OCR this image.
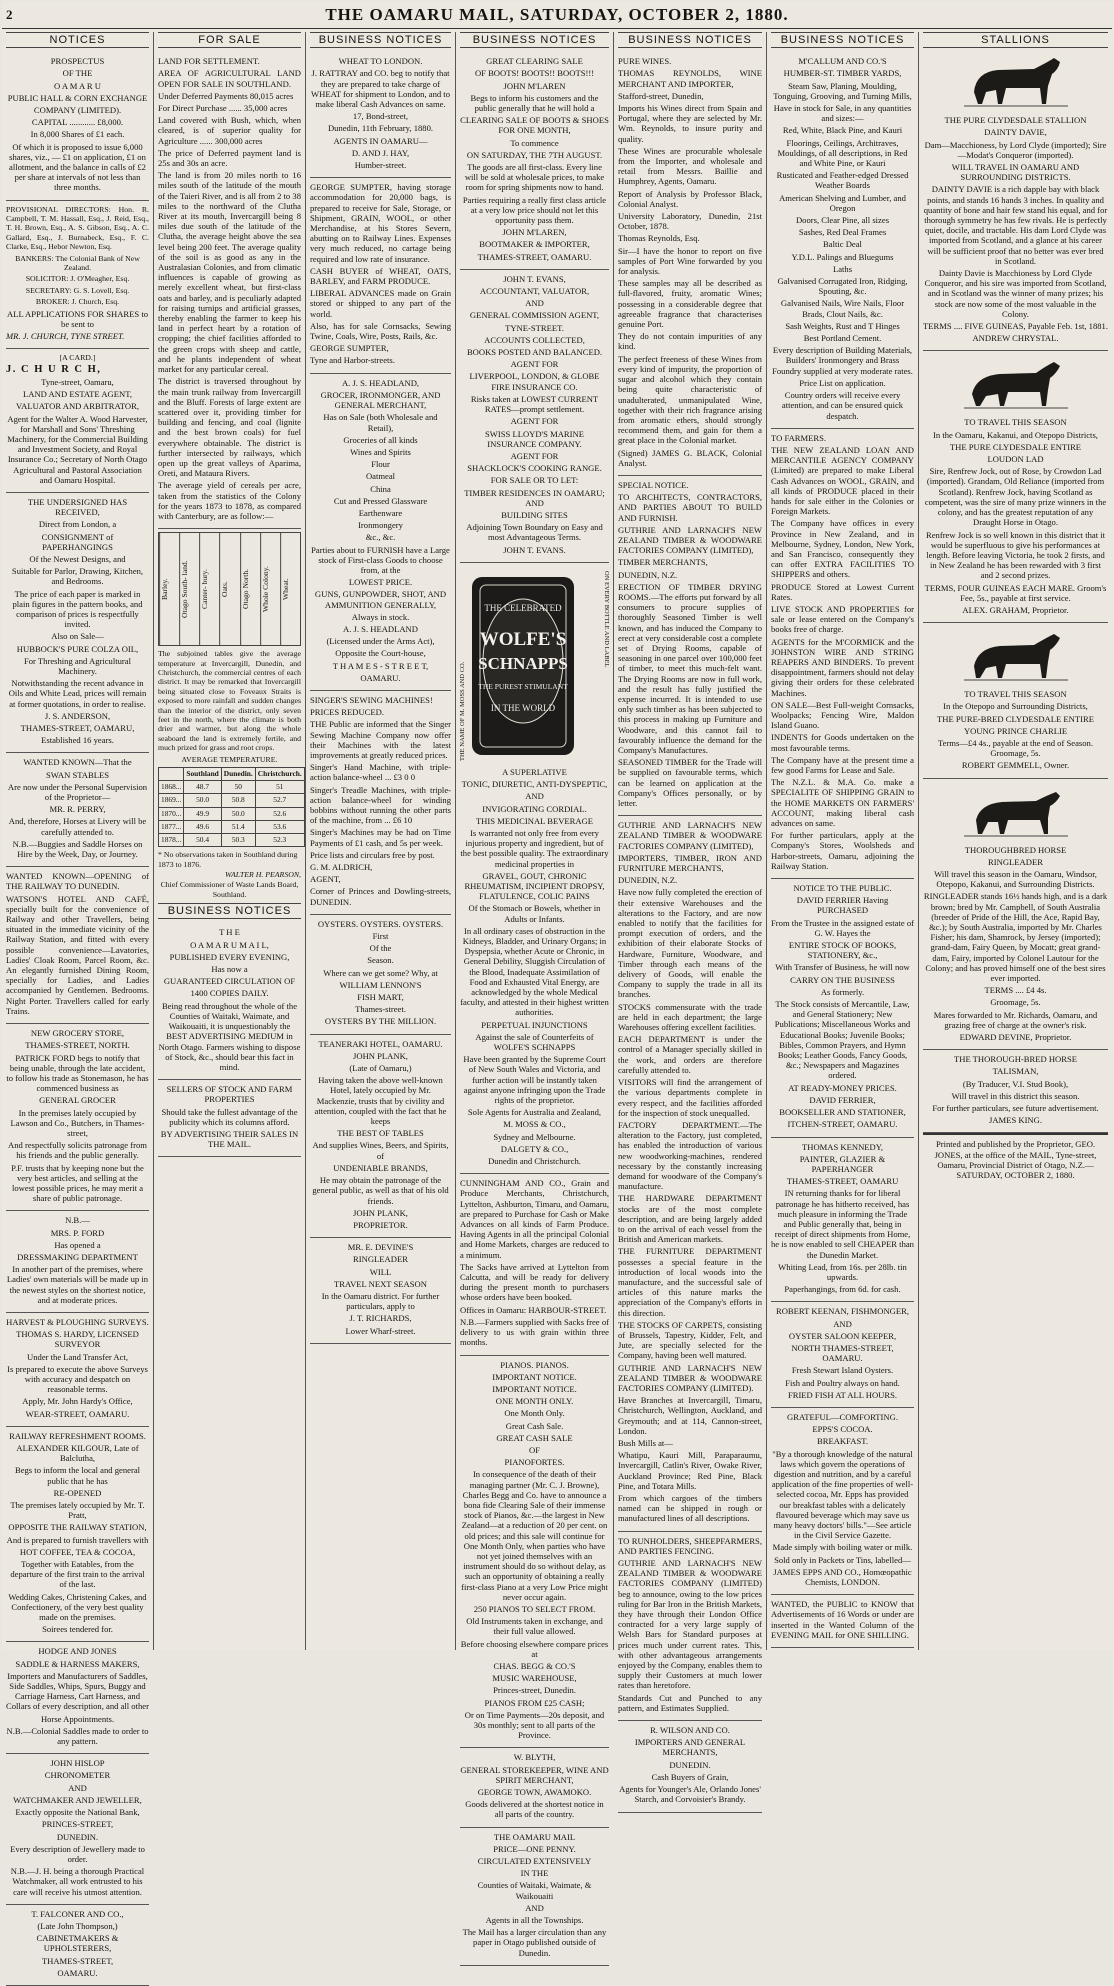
2	THE OAMARU MAIL, SATURDAY, OCTOBER 2, 1880.
NOTICES

PROSPECTUS

OF THE

O A M A R U

PUBLIC HALL & CORN EXCHANGE

COMPANY (LIMITED).

CAPITAL ............ £8,000.

In 8,000 Shares of £1 each.

Of which it is proposed to issue 6,000 shares, viz., — £1 on application, £1 on allotment, and the balance in calls of £2 per share at intervals of not less than three months.

PROVISIONAL DIRECTORS: Hon. R. Campbell, T. M. Hassall, Esq., J. Reid, Esq., T. H. Brown, Esq., A. S. Gibson, Esq., A. C. Gallard, Esq., J. Burnabeck, Esq., F. C. Clarke, Esq., Hebor Newton, Esq.

BANKERS: The Colonial Bank of New Zealand.

SOLICITOR: J. O'Meagher, Esq.

SECRETARY: G. S. Lovell, Esq.

BROKER: J. Church, Esq.

ALL APPLICATIONS FOR SHARES to be sent to

MR. J. CHURCH, TYNE STREET.

[A CARD.]

J. C H U R C H,

Tyne-street, Oamaru,

LAND AND ESTATE AGENT,

VALUATOR AND ARBITRATOR,

Agent for the Walter A. Wood Harvester, for Marshall and Sons' Threshing Machinery, for the Commercial Building and Investment Society, and Royal Insurance Co.; Secretary of North Otago Agricultural and Pastoral Association and Oamaru Hospital.

THE UNDERSIGNED HAS RECEIVED,

Direct from London, a

CONSIGNMENT of PAPERHANGINGS

Of the Newest Designs, and

Suitable for Parlor, Drawing, Kitchen, and Bedrooms.

The price of each paper is marked in plain figures in the pattern books, and comparison of prices is respectfully invited.

Also on Sale—

HUBBOCK'S PURE COLZA OIL,

For Threshing and Agricultural Machinery.

Notwithstanding the recent advance in Oils and White Lead, prices will remain at former quotations, in order to realise.

J. S. ANDERSON,

THAMES-STREET, OAMARU,

Established 16 years.

WANTED KNOWN—That the

SWAN STABLES

Are now under the Personal Supervision of the Proprietor—

MR. R. PERRY,

And, therefore, Horses at Livery will be carefully attended to.

N.B.—Buggies and Saddle Horses on Hire by the Week, Day, or Journey.

WANTED KNOWN—OPENING of THE RAILWAY TO DUNEDIN.

WATSON'S HOTEL AND CAFÉ, specially built for the convenience of Railway and other Travellers, being situated in the immediate vicinity of the Railway Station, and fitted with every possible convenience—Lavatories, Ladies' Cloak Room, Parcel Room, &c. An elegantly furnished Dining Room, specially for Ladies, and Ladies accompanied by Gentlemen. Bedrooms. Night Porter. Travellers called for early Trains.

NEW GROCERY STORE,

THAMES-STREET, NORTH.

PATRICK FORD begs to notify that being unable, through the late accident, to follow his trade as Stonemason, he has commenced business as

GENERAL GROCER

In the premises lately occupied by Lawson and Co., Butchers, in Thames-street,

And respectfully solicits patronage from his friends and the public generally.

P.F. trusts that by keeping none but the very best articles, and selling at the lowest possible prices, he may merit a share of public patronage.

N.B.—

MRS. P. FORD

Has opened a

DRESSMAKING DEPARTMENT

In another part of the premises, where Ladies' own materials will be made up in the newest styles on the shortest notice, and at moderate prices.

HARVEST & PLOUGHING SURVEYS.

THOMAS S. HARDY, LICENSED SURVEYOR

Under the Land Transfer Act,

Is prepared to execute the above Surveys with accuracy and despatch on reasonable terms.

Apply, Mr. John Hardy's Office,

WEAR-STREET, OAMARU.

RAILWAY REFRESHMENT ROOMS.

ALEXANDER KILGOUR, Late of Balclutha,

Begs to inform the local and general public that he has

RE-OPENED

The premises lately occupied by Mr. T. Pratt,

OPPOSITE THE RAILWAY STATION,

And is prepared to furnish travellers with

HOT COFFEE, TEA & COCOA,

Together with Eatables, from the departure of the first train to the arrival of the last.

Wedding Cakes, Christening Cakes, and Confectionery, of the very best quality made on the premises.

Soirees tendered for.

HODGE AND JONES

SADDLE & HARNESS MAKERS,

Importers and Manufacturers of Saddles, Side Saddles, Whips, Spurs, Buggy and Carriage Harness, Cart Harness, and Collars of every description, and all other

Horse Appointments.

N.B.—Colonial Saddles made to order to any pattern.

JOHN HISLOP

CHRONOMETER

AND

WATCHMAKER AND JEWELLER,

Exactly opposite the National Bank,

PRINCES-STREET,

DUNEDIN.

Every description of Jewellery made to order.

N.B.—J. H. being a thorough Practical Watchmaker, all work entrusted to his care will receive his utmost attention.

T. FALCONER AND CO.,

(Late John Thompson,)

CABINETMAKERS & UPHOLSTERERS,

THAMES-STREET,

OAMARU.

FOR SALE

LAND FOR SETTLEMENT.

AREA OF AGRICULTURAL LAND OPEN FOR SALE IN SOUTHLAND.

Under Deferred Payments 80,015 acres

For Direct Purchase ...... 35,000 acres

Land covered with Bush, which, when cleared, is of superior quality for Agriculture ...... 300,000 acres

The price of Deferred payment land is 25s and 30s an acre.

The land is from 20 miles north to 16 miles south of the latitude of the mouth of the Taieri River, and is all from 2 to 38 miles to the northward of the Clutha River at its mouth, Invercargill being 8 miles due south of the latitude of the Clutha, the average height above the sea level being 200 feet. The average quality of the soil is as good as any in the Australasian Colonies, and from climatic influences is capable of growing as merely excellent wheat, but first-class oats and barley, and is peculiarly adapted for raising turnips and artificial grasses, thereby enabling the farmer to keep his land in perfect heart by a rotation of cropping; the chief facilities afforded to the green crops with sheep and cattle, and he plants independent of wheat market for any particular cereal.

The district is traversed throughout by the main trunk railway from Invercargill and the Bluff. Forests of large extent are scattered over it, providing timber for building and fencing, and coal (lignite and the best brown coals) for fuel everywhere obtainable. The district is further intersected by railways, which open up the great valleys of Aparima, Oreti, and Mataura Rivers.

The average yield of cereals per acre, taken from the statistics of the Colony for the years 1873 to 1878, as compared with Canterbury, are as follow:—

Barley.	Otago South- land.	Canter- bury.	Oats.	Otago North.	Whole Colony.	Wheat.

The subjoined tables give the average temperature at Invercargill, Dunedin, and Christchurch, the commercial centres of each district. It may be remarked that Invercargill being situated close to Foveaux Straits is exposed to more rainfall and sudden changes than the interior of the district, only seven feet in the north, where the climate is both drier and warmer, but along the whole seaboard the land is extremely fertile, and much prized for grass and root crops.

AVERAGE TEMPERATURE.

	Southland	Dunedin.	Christchurch.
1868...	48.7	50	51
1869...	50.0	50.8	52.7
1870...	49.9	50.0	52.6
1877...	49.6	51.4	53.6
1878...	50.4	50.3	52.3

* No observations taken in Southland during 1873 to 1876.

WALTER H. PEARSON,

Chief Commissioner of Waste Lands Board, Southland.

BUSINESS NOTICES

T H E

O A M A R U M A I L,

PUBLISHED EVERY EVENING,

Has now a

GUARANTEED CIRCULATION OF

1400 COPIES DAILY.

Being read throughout the whole of the Counties of Waitaki, Waimate, and Waikouaiti, it is unquestionably the BEST ADVERTISING MEDIUM in North Otago. Farmers wishing to dispose of Stock, &c., should bear this fact in mind.

SELLERS OF STOCK AND FARM PROPERTIES

Should take the fullest advantage of the publicity which its columns afford.

BY ADVERTISING THEIR SALES IN THE MAIL.

BUSINESS NOTICES

WHEAT TO LONDON.

J. RATTRAY and CO. beg to notify that they are prepared to take charge of WHEAT for shipment to London, and to make liberal Cash Advances on same.

17, Bond-street,

Dunedin, 11th February, 1880.

AGENTS IN OAMARU—

D. AND J. HAY,

Humber-street.

GEORGE SUMPTER, having storage accommodation for 20,000 bags, is prepared to receive for Sale, Storage, or Shipment, GRAIN, WOOL, or other Merchandise, at his Stores Severn, abutting on to Railway Lines. Expenses very much reduced, no cartage being required and low rate of insurance.

CASH BUYER of WHEAT, OATS, BARLEY, and FARM PRODUCE.

LIBERAL ADVANCES made on Grain stored or shipped to any part of the world.

Also, has for sale Cornsacks, Sewing Twine, Coals, Wire, Posts, Rails, &c.

GEORGE SUMPTER,

Tyne and Harbor-streets.

A. J. S. HEADLAND,

GROCER, IRONMONGER, AND GENERAL MERCHANT,

Has on Sale (both Wholesale and Retail),

Groceries of all kinds

Wines and Spirits

Flour

Oatmeal

China

Cut and Pressed Glassware

Earthenware

Ironmongery

&c., &c.

Parties about to FURNISH have a Large stock of First-class Goods to choose from, at the

LOWEST PRICE.

GUNS, GUNPOWDER, SHOT, AND AMMUNITION GENERALLY,

Always in stock.

A. J. S. HEADLAND

(Licensed under the Arms Act),

Opposite the Court-house,

T H A M E S - S T R E E T,

OAMARU.

SINGER'S SEWING MACHINES!

PRICES REDUCED.

THE Public are informed that the Singer Sewing Machine Company now offer their Machines with the latest improvements at greatly reduced prices.

Singer's Hand Machine, with triple-action balance-wheel ... £3 0 0

Singer's Treadle Machines, with triple-action balance-wheel for winding bobbins without running the other parts of the machine, from ... £6 10

Singer's Machines may be had on Time Payments of £1 cash, and 5s per week.

Price lists and circulars free by post.

G. M. ALDRICH,

AGENT,

Corner of Princes and Dowling-streets, DUNEDIN.

OYSTERS. OYSTERS. OYSTERS.

First

Of the

Season.

Where can we get some? Why, at

WILLIAM LENNON'S

FISH MART,

Thames-street.

OYSTERS BY THE MILLION.

TEANERAKI HOTEL, OAMARU.

JOHN PLANK,

(Late of Oamaru,)

Having taken the above well-known Hotel, lately occupied by Mr. Mackenzie, trusts that by civility and attention, coupled with the fact that he keeps

THE BEST OF TABLES

And supplies Wines, Beers, and Spirits, of

UNDENIABLE BRANDS,

He may obtain the patronage of the general public, as well as that of his old friends.

JOHN PLANK,

PROPRIETOR.

MR. E. DEVINE'S

RINGLEADER

WILL

TRAVEL NEXT SEASON

In the Oamaru district. For further particulars, apply to

J. T. RICHARDS,

Lower Wharf-street.

BUSINESS NOTICES

GREAT CLEARING SALE

OF BOOTS! BOOTS!! BOOTS!!!

JOHN M'LAREN

Begs to inform his customers and the public generally that he will hold a

CLEARING SALE OF BOOTS & SHOES FOR ONE MONTH,

To commence

ON SATURDAY, THE 7TH AUGUST.

The goods are all first-class. Every line will be sold at wholesale prices, to make room for spring shipments now to hand.

Parties requiring a really first class article at a very low price should not let this opportunity pass them.

JOHN M'LAREN,

BOOTMAKER & IMPORTER,

THAMES-STREET, OAMARU.

JOHN T. EVANS,

ACCOUNTANT, VALUATOR,

AND

GENERAL COMMISSION AGENT,

TYNE-STREET.

ACCOUNTS COLLECTED,

BOOKS POSTED AND BALANCED.

AGENT FOR

LIVERPOOL, LONDON, & GLOBE FIRE INSURANCE CO.

Risks taken at LOWEST CURRENT RATES—prompt settlement.

AGENT FOR

SWISS LLOYD'S MARINE INSURANCE COMPANY.

AGENT FOR

SHACKLOCK'S COOKING RANGE.

FOR SALE OR TO LET:

TIMBER RESIDENCES IN OAMARU; AND

BUILDING SITES

Adjoining Town Boundary on Easy and most Advantageous Terms.

JOHN T. EVANS.

THE CELEBRATED
WOLFE'S
SCHNAPPS
THE PUREST STIMULANT
IN THE WORLD
THE NAME OF M. MOSS AND CO.
ON EVERY BOTTLE AND LABEL

A SUPERLATIVE

TONIC, DIURETIC, ANTI-DYSPEPTIC,

AND

INVIGORATING CORDIAL.

THIS MEDICINAL BEVERAGE

Is warranted not only free from every injurious property and ingredient, but of the best possible quality. The extraordinary medicinal properties in

GRAVEL, GOUT, CHRONIC RHEUMATISM, INCIPIENT DROPSY, FLATULENCE, COLIC PAINS

Of the Stomach or Bowels, whether in Adults or Infants.

In all ordinary cases of obstruction in the Kidneys, Bladder, and Urinary Organs; in Dyspepsia, whether Acute or Chronic, in General Debility, Sluggish Circulation of the Blood, Inadequate Assimilation of Food and Exhausted Vital Energy, are acknowledged by the whole Medical faculty, and attested in their highest written authorities.

PERPETUAL INJUNCTIONS

Against the sale of Counterfeits of WOLFE'S SCHNAPPS

Have been granted by the Supreme Court of New South Wales and Victoria, and further action will be instantly taken against anyone infringing upon the Trade rights of the proprietor.

Sole Agents for Australia and Zealand,

M. MOSS & CO.,

Sydney and Melbourne.

DALGETY & CO.,

Dunedin and Christchurch.

CUNNINGHAM AND CO., Grain and Produce Merchants, Christchurch, Lyttelton, Ashburton, Timaru, and Oamaru, are prepared to Purchase for Cash or Make Advances on all kinds of Farm Produce. Having Agents in all the principal Colonial and Home Markets, charges are reduced to a minimum.

The Sacks have arrived at Lyttelton from Calcutta, and will be ready for delivery during the present month to purchasers whose orders have been booked.

Offices in Oamaru: HARBOUR-STREET.

N.B.—Farmers supplied with Sacks free of delivery to us with grain within three months.

PIANOS. PIANOS.

IMPORTANT NOTICE.

IMPORTANT NOTICE.

ONE MONTH ONLY.

One Month Only.

Great Cash Sale.

GREAT CASH SALE

OF

PIANOFORTES.

In consequence of the death of their managing partner (Mr. C. J. Browne), Charles Begg and Co. have to announce a bona fide Clearing Sale of their immense stock of Pianos, &c.—the largest in New Zealand—at a reduction of 20 per cent. on old prices; and this sale will continue for One Month Only, when parties who have not yet joined themselves with an instrument should do so without delay, as such an opportunity of obtaining a really first-class Piano at a very Low Price might never occur again.

250 PIANOS TO SELECT FROM.

Old Instruments taken in exchange, and their full value allowed.

Before choosing elsewhere compare prices at

CHAS. BEGG & CO.'S

MUSIC WAREHOUSE,

Princes-street, Dunedin.

PIANOS FROM £25 CASH;

Or on Time Payments—20s deposit, and 30s monthly; sent to all parts of the Province.

W. BLYTH,

GENERAL STOREKEEPER, WINE AND SPIRIT MERCHANT,

GEORGE TOWN, AWAMOKO.

Goods delivered at the shortest notice in all parts of the country.

THE OAMARU MAIL

PRICE—ONE PENNY.

CIRCULATED EXTENSIVELY

IN THE

Counties of Waitaki, Waimate, & Waikouaiti

AND

Agents in all the Townships.

The Mail has a larger circulation than any paper in Otago published outside of Dunedin.

BUSINESS NOTICES

PURE WINES.

THOMAS REYNOLDS, WINE MERCHANT AND IMPORTER,

Stafford-street, Dunedin,

Imports his Wines direct from Spain and Portugal, where they are selected by Mr. Wm. Reynolds, to insure purity and quality.

These Wines are procurable wholesale from the Importer, and wholesale and retail from Messrs. Baillie and Humphrey, Agents, Oamaru.

Report of Analysis by Professor Black, Colonial Analyst.

University Laboratory, Dunedin, 21st October, 1878.

Thomas Reynolds, Esq.

Sir—I have the honor to report on five samples of Port Wine forwarded by you for analysis.

These samples may all be described as full-flavored, fruity, aromatic Wines; possessing in a considerable degree that agreeable fragrance that characterises genuine Port.

They do not contain impurities of any kind.

The perfect freeness of these Wines from every kind of impurity, the proportion of sugar and alcohol which they contain being quite characteristic of unadulterated, unmanipulated Wine, together with their rich fragrance arising from aromatic ethers, should strongly recommend them, and gain for them a great place in the Colonial market.

(Signed) JAMES G. BLACK, Colonial Analyst.

SPECIAL NOTICE.

TO ARCHITECTS, CONTRACTORS, AND PARTIES ABOUT TO BUILD AND FURNISH.

GUTHRIE AND LARNACH'S NEW ZEALAND TIMBER & WOODWARE FACTORIES COMPANY (LIMITED),

TIMBER MERCHANTS,

DUNEDIN, N.Z.

ERECTION OF TIMBER DRYING ROOMS.—The efforts put forward by all consumers to procure supplies of thoroughly Seasoned Timber is well known, and has induced the Company to erect at very considerable cost a complete set of Drying Rooms, capable of seasoning in one parcel over 100,000 feet of timber, to meet this much-felt want. The Drying Rooms are now in full work, and the result has fully justified the expense incurred. It is intended to use only such timber as has been subjected to this process in making up Furniture and Woodware, and this cannot fail to favourably influence the demand for the Company's Manufactures.

SEASONED TIMBER for the Trade will be supplied on favourable terms, which can be learned on application at the Company's Offices personally, or by letter.

GUTHRIE AND LARNACH'S NEW ZEALAND TIMBER & WOODWARE FACTORIES COMPANY (LIMITED),

IMPORTERS, TIMBER, IRON AND FURNITURE MERCHANTS,

DUNEDIN, N.Z.

Have now fully completed the erection of their extensive Warehouses and the alterations to the Factory, and are now enabled to notify that the facilities for prompt execution of orders, and the exhibition of their elaborate Stocks of Hardware, Furniture, Woodware, and Timber through each means of the delivery of Goods, will enable the Company to supply the trade in all its branches.

STOCKS commensurate with the trade are held in each department; the large Warehouses offering excellent facilities.

EACH DEPARTMENT is under the control of a Manager specially skilled in the work, and orders are therefore carefully attended to.

VISITORS will find the arrangement of the various departments complete in every respect, and the facilities afforded for the inspection of stock unequalled.

FACTORY DEPARTMENT.—The alteration to the Factory, just completed, has enabled the introduction of various new woodworking-machines, rendered necessary by the constantly increasing demand for woodware of the Company's manufacture.

THE HARDWARE DEPARTMENT stocks are of the most complete description, and are being largely added to on the arrival of each vessel from the British and American markets.

THE FURNITURE DEPARTMENT possesses a special feature in the introduction of local woods into the manufacture, and the successful sale of articles of this nature marks the appreciation of the Company's efforts in this direction.

THE STOCKS OF CARPETS, consisting of Brussels, Tapestry, Kidder, Felt, and Jute, are specially selected for the Company, having been well matured.

GUTHRIE AND LARNACH'S NEW ZEALAND TIMBER & WOODWARE FACTORIES COMPANY (LIMITED).

Have Branches at Invercargill, Timaru, Christchurch, Wellington, Auckland, and Greymouth; and at 114, Cannon-street, London.

Bush Mills at—

Whatipu, Kauri Mill, Paraparaumu, Invercargill, Catlin's River, Owake River, Auckland Province; Red Pine, Black Pine, and Totara Mills.

From which cargoes of the timbers named can be shipped in rough or manufactured lines of all descriptions.

TO RUNHOLDERS, SHEEPFARMERS, AND PARTIES FENCING.

GUTHRIE AND LARNACH'S NEW ZEALAND TIMBER & WOODWARE FACTORIES COMPANY (LIMITED) beg to announce, owing to the low prices ruling for Bar Iron in the British Markets, they have through their London Office contracted for a very large supply of Welsh Bars for Standard purposes at prices much under current rates. This, with other advantageous arrangements enjoyed by the Company, enables them to supply their Customers at much lower rates than heretofore.

Standards Cut and Punched to any pattern, and Estimates Supplied.

R. WILSON AND CO.

IMPORTERS AND GENERAL MERCHANTS,

DUNEDIN.

Cash Buyers of Grain,

Agents for Younger's Ale, Orlando Jones' Starch, and Corvoisier's Brandy.

BUSINESS NOTICES

M'CALLUM AND CO.'S

HUMBER-ST. TIMBER YARDS,

Steam Saw, Planing, Moulding, Tonguing, Grooving, and Turning Mills,

Have in stock for Sale, in any quantities and sizes:—

Red, White, Black Pine, and Kauri

Floorings, Ceilings, Architraves, Mouldings, of all descriptions, in Red and White Pine, or Kauri

Rusticated and Feather-edged Dressed Weather Boards

American Shelving and Lumber, and Oregon

Doors, Clear Pine, all sizes

Sashes, Red Deal Frames

Baltic Deal

Y.D.L. Palings and Bluegums

Laths

Galvanised Corrugated Iron, Ridging, Spouting, &c.

Galvanised Nails, Wire Nails, Floor Brads, Clout Nails, &c.

Sash Weights, Rust and T Hinges

Best Portland Cement.

Every description of Building Materials, Builders' Ironmongery and Brass Foundry supplied at very moderate rates.

Price List on application.

Country orders will receive every attention, and can be ensured quick despatch.

TO FARMERS.

THE NEW ZEALAND LOAN AND MERCANTILE AGENCY COMPANY (Limited) are prepared to make Liberal Cash Advances on WOOL, GRAIN, and all kinds of PRODUCE placed in their hands for sale either in the Colonies or Foreign Markets.

The Company have offices in every Province in New Zealand, and in Melbourne, Sydney, London, New York, and San Francisco, consequently they can offer EXTRA FACILITIES TO SHIPPERS and others.

PRODUCE Stored at Lowest Current Rates.

LIVE STOCK AND PROPERTIES for sale or lease entered on the Company's books free of charge.

AGENTS for the M'CORMICK and the JOHNSTON WIRE AND STRING REAPERS AND BINDERS. To prevent disappointment, farmers should not delay giving their orders for these celebrated Machines.

ON SALE—Best Full-weight Cornsacks, Woolpacks; Fencing Wire, Maldon Island Guano.

INDENTS for Goods undertaken on the most favourable terms.

The Company have at the present time a few good Farms for Lease and Sale.

The N.Z.L. & M.A. Co. make a SPECIALITE OF SHIPPING GRAIN to the HOME MARKETS ON FARMERS' ACCOUNT, making liberal cash advances on same.

For further particulars, apply at the Company's Stores, Woolsheds and Harbor-streets, Oamaru, adjoining the Railway Station.

NOTICE TO THE PUBLIC.

DAVID FERRIER Having PURCHASED

From the Trustee in the assigned estate of G. W. Hayes the

ENTIRE STOCK OF BOOKS, STATIONERY, &c.,

With Transfer of Business, he will now

CARRY ON THE BUSINESS

As formerly.

The Stock consists of Mercantile, Law, and General Stationery; New Publications; Miscellaneous Works and Educational Books; Juvenile Books; Bibles, Common Prayers, and Hymn Books; Leather Goods, Fancy Goods, &c.; Newspapers and Magazines ordered.

AT READY-MONEY PRICES.

DAVID FERRIER,

BOOKSELLER AND STATIONER,

ITCHEN-STREET, OAMARU.

THOMAS KENNEDY,

PAINTER, GLAZIER & PAPERHANGER

THAMES-STREET, OAMARU

IN returning thanks for for liberal patronage he has hitherto received, has much pleasure in informing the Trade and Public generally that, being in receipt of direct shipments from Home, he is now enabled to sell CHEAPER than the Dunedin Market.

Whiting Lead, from 16s. per 28lb. tin upwards.

Paperhangings, from 6d. for cash.

ROBERT KEENAN, FISHMONGER,

AND

OYSTER SALOON KEEPER,

NORTH THAMES-STREET, OAMARU.

Fresh Stewart Island Oysters.

Fish and Poultry always on hand.

FRIED FISH AT ALL HOURS.

GRATEFUL—COMFORTING.

EPPS'S COCOA.

BREAKFAST.

"By a thorough knowledge of the natural laws which govern the operations of digestion and nutrition, and by a careful application of the fine properties of well-selected cocoa, Mr. Epps has provided our breakfast tables with a delicately flavoured beverage which may save us many heavy doctors' bills."—See article in the Civil Service Gazette.

Made simply with boiling water or milk.

Sold only in Packets or Tins, labelled—

JAMES EPPS AND CO., Homœopathic Chemists, LONDON.

WANTED, the PUBLIC to KNOW that Advertisements of 16 Words or under are inserted in the Wanted Column of the EVENING MAIL for ONE SHILLING.

STALLIONS

THE PURE CLYDESDALE STALLION

DAINTY DAVIE,

Dam—Macchioness, by Lord Clyde (imported); Sire—Modat's Conqueror (imported).

WILL TRAVEL IN OAMARU AND SURROUNDING DISTRICTS.

DAINTY DAVIE is a rich dapple bay with black points, and stands 16 hands 3 inches. In quality and quantity of bone and hair few stand his equal, and for thorough symmetry he has few rivals. He is perfectly quiet, docile, and tractable. His dam Lord Clyde was imported from Scotland, and a glance at his career will be sufficient proof that no better was ever bred in Scotland.

Dainty Davie is Macchioness by Lord Clyde Conqueror, and his sire was imported from Scotland, and in Scotland was the winner of many prizes; his stock are now some of the most valuable in the Colony.

TERMS .... FIVE GUINEAS, Payable Feb. 1st, 1881.

ANDREW CHRYSTAL.

TO TRAVEL THIS SEASON

In the Oamaru, Kakanui, and Otepopo Districts,

THE PURE CLYDESDALE ENTIRE

LOUDON LAD

Sire, Renfrew Jock, out of Rose, by Crowdon Lad (imported). Grandam, Old Reliance (imported from Scotland). Renfrew Jock, having Scotland as competent, was the sire of many prize winners in the colony, and has the greatest reputation of any Draught Horse in Otago.

Renfrew Jock is so well known in this district that it would be superfluous to give his performances at length. Before leaving Victoria, he took 2 firsts, and in New Zealand he has been rewarded with 3 first and 2 second prizes.

TERMS, FOUR GUINEAS EACH MARE. Groom's Fee, 5s., payable at first service.

ALEX. GRAHAM, Proprietor.

TO TRAVEL THIS SEASON

In the Otepopo and Surrounding Districts,

THE PURE-BRED CLYDESDALE ENTIRE

YOUNG PRINCE CHARLIE

Terms—£4 4s., payable at the end of Season. Groomage, 5s.

ROBERT GEMMELL, Owner.

THOROUGHBRED HORSE

RINGLEADER

Will travel this season in the Oamaru, Windsor, Otepopo, Kakanui, and Surrounding Districts.

RINGLEADER stands 16½ hands high, and is a dark brown; bred by Mr. Campbell, of South Australia (breeder of Pride of the Hill, the Ace, Rapid Bay, &c.); by South Australia, imported by Mr. Charles Fisher; his dam, Shamrock, by Jersey (imported); grand-dam, Fairy Queen, by Mocatt; great grand-dam, Fairy, imported by Colonel Lautour for the Colony; and has proved himself one of the best sires ever imported.

TERMS .... £4 4s.

Groomage, 5s.

Mares forwarded to Mr. Richards, Oamaru, and grazing free of charge at the owner's risk.

EDWARD DEVINE, Proprietor.

THE THOROUGH-BRED HORSE

TALISMAN,

(By Traducer, V.I. Stud Book),

Will travel in this district this season.

For further particulars, see future advertisement.

JAMES KING.

Printed and published by the Proprietor, GEO. JONES, at the office of the MAIL, Tyne-street, Oamaru, Provincial District of Otago, N.Z.—SATURDAY, OCTOBER 2, 1880.
